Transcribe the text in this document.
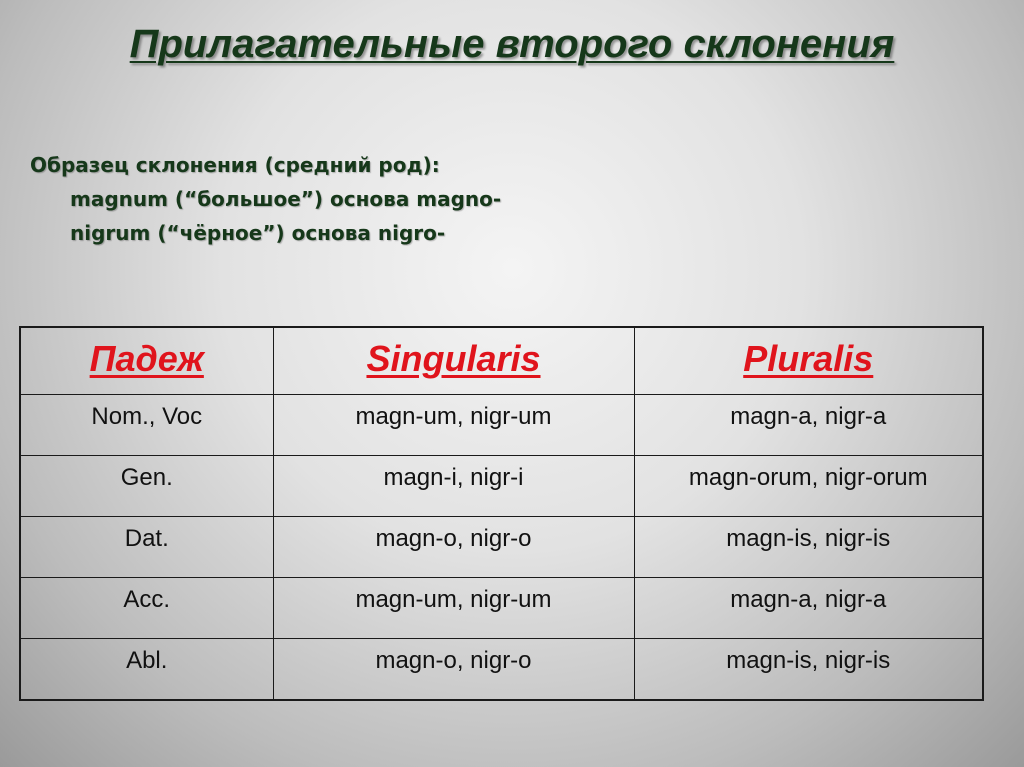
Прилагательные второго склонения
Образец склонения (средний род):
magnum (“большое”) основа magno-
nigrum (“чёрное”) основа nigro-
Падеж	Singularis	Pluralis
Nom., Voc	magn-um, nigr-um	magn-a, nigr-a
Gen.	magn-i, nigr-i	magn-orum, nigr-orum
Dat.	magn-o, nigr-o	magn-is, nigr-is
Acc.	magn-um, nigr-um	magn-a, nigr-a
Abl.	magn-o, nigr-o	magn-is, nigr-is
